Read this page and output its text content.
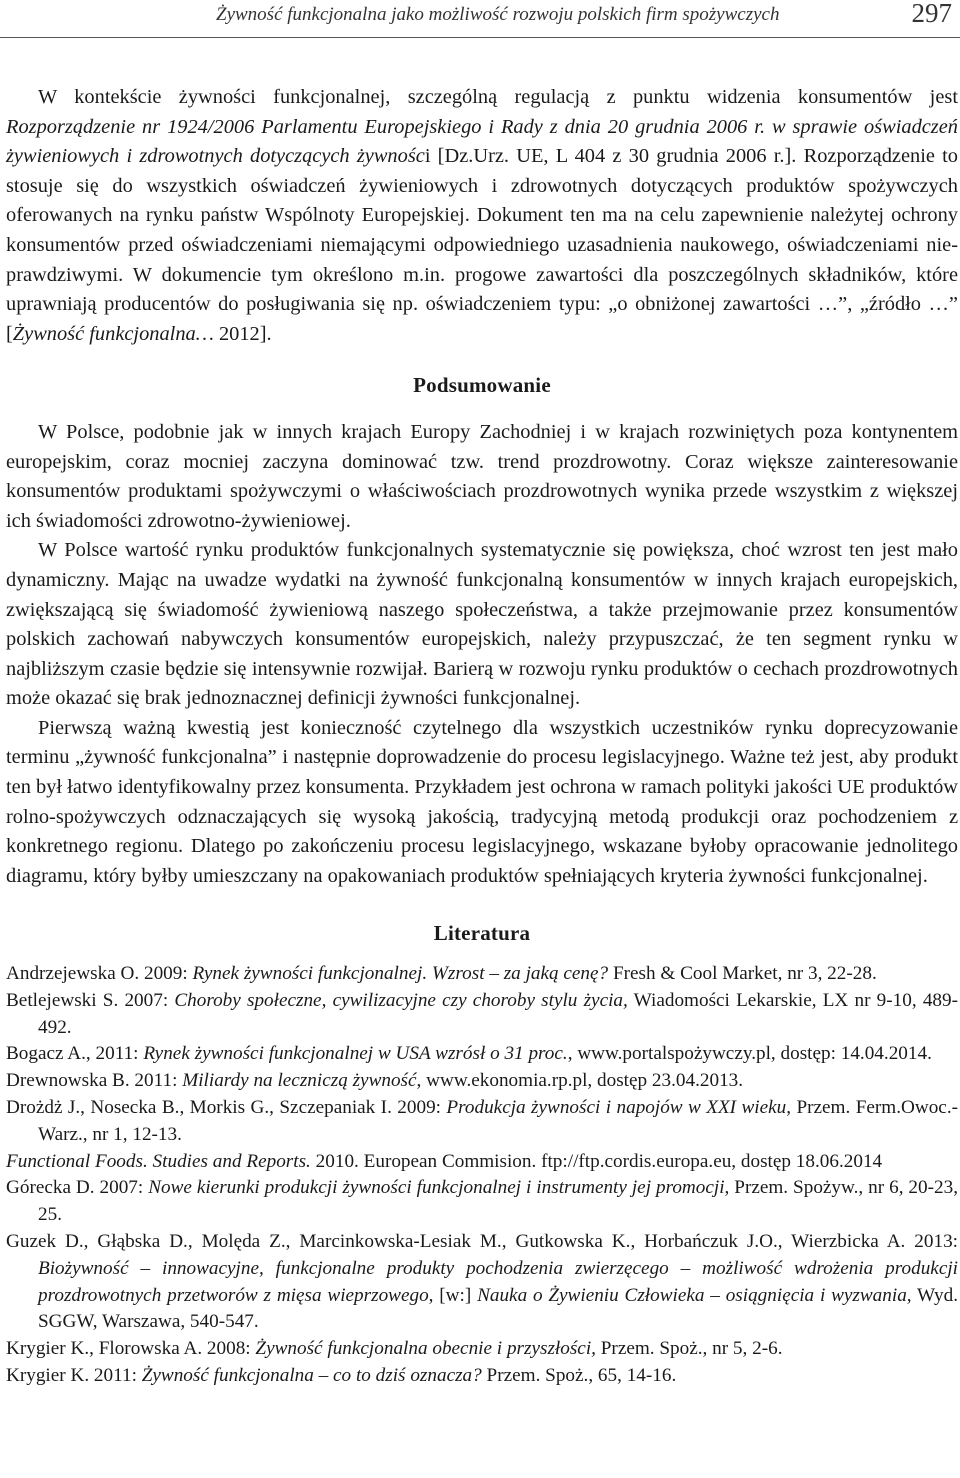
Żywność funkcjonalna jako możliwość rozwoju polskich firm spożywczych	297

W kontekście żywności funkcjonalnej, szczególną regulacją z punktu widzenia konsumentów jest Rozporządzenie nr 1924/2006 Parlamentu Europejskiego i Rady z dnia 20 grudnia 2006 r. w sprawie oświadczeń żywieniowych i zdrowotnych dotyczących żywności [Dz.Urz. UE, L 404 z 30 grudnia 2006 r.]. Rozporządzenie to stosuje się do wszystkich oświadczeń żywieniowych i zdrowotnych dotyczących produktów spożywczych oferowanych na rynku państw Wspólnoty Europejskiej. Dokument ten ma na celu zapewnienie należytej ochrony konsumentów przed oświadczeniami niemającymi odpowiedniego uzasadnienia naukowego, oświadczeniami nieprawdziwymi. W dokumencie tym określono m.in. progowe zawartości dla poszczególnych składników, które uprawniają producentów do posługiwania się np. oświadczeniem typu: „o obniżonej zawartości …”, „źródło …” [Żywność funkcjonalna… 2012].

Podsumowanie

W Polsce, podobnie jak w innych krajach Europy Zachodniej i w krajach rozwiniętych poza kontynentem europejskim, coraz mocniej zaczyna dominować tzw. trend prozdrowotny. Coraz większe zainteresowanie konsumentów produktami spożywczymi o właściwościach prozdrowotnych wynika przede wszystkim z większej ich świadomości zdrowotno-żywieniowej.

W Polsce wartość rynku produktów funkcjonalnych systematycznie się powiększa, choć wzrost ten jest mało dynamiczny. Mając na uwadze wydatki na żywność funkcjonalną konsumentów w innych krajach europejskich, zwiększającą się świadomość żywieniową naszego społeczeństwa, a także przejmowanie przez konsumentów polskich zachowań nabywczych konsumentów europejskich, należy przypuszczać, że ten segment rynku w najbliższym czasie będzie się intensywnie rozwijał. Barierą w rozwoju rynku produktów o cechach prozdrowotnych może okazać się brak jednoznacznej definicji żywności funkcjonalnej.

Pierwszą ważną kwestią jest konieczność czytelnego dla wszystkich uczestników rynku doprecyzowanie terminu „żywność funkcjonalna” i następnie doprowadzenie do procesu legislacyjnego. Ważne też jest, aby produkt ten był łatwo identyfikowalny przez konsumenta. Przykładem jest ochrona w ramach polityki jakości UE produktów rolno-spożywczych odznaczających się wysoką jakością, tradycyjną metodą produkcji oraz pochodzeniem z konkretnego regionu. Dlatego po zakończeniu procesu legislacyjnego, wskazane byłoby opracowanie jednolitego diagramu, który byłby umieszczany na opakowaniach produktów spełniających kryteria żywności funkcjonalnej.

Literatura

Andrzejewska O. 2009: Rynek żywności funkcjonalnej. Wzrost – za jaką cenę? Fresh & Cool Market, nr 3, 22-28.

Betlejewski S. 2007: Choroby społeczne, cywilizacyjne czy choroby stylu życia, Wiadomości Lekarskie, LX nr 9-10, 489-492.

Bogacz A., 2011: Rynek żywności funkcjonalnej w USA wzrósł o 31 proc., www.portalspożywczy.pl, dostęp: 14.04.2014.

Drewnowska B. 2011: Miliardy na leczniczą żywność, www.ekonomia.rp.pl, dostęp 23.04.2013.

Drożdż J., Nosecka B., Morkis G., Szczepaniak I. 2009: Produkcja żywności i napojów w XXI wieku, Przem. Ferm.Owoc.-Warz., nr 1, 12-13.

Functional Foods. Studies and Reports. 2010. European Commision. ftp://ftp.cordis.europa.eu, dostęp 18.06.2014

Górecka D. 2007: Nowe kierunki produkcji żywności funkcjonalnej i instrumenty jej promocji, Przem. Spożyw., nr 6, 20-23, 25.

Guzek D., Głąbska D., Molęda Z., Marcinkowska-Lesiak M., Gutkowska K., Horbańczuk J.O., Wierzbicka A. 2013: Biożywność – innowacyjne, funkcjonalne produkty pochodzenia zwierzęcego – możliwość wdrożenia produkcji prozdrowotnych przetworów z mięsa wieprzowego, [w:] Nauka o Żywieniu Człowieka – osiągnięcia i wyzwania, Wyd. SGGW, Warszawa, 540-547.

Krygier K., Florowska A. 2008: Żywność funkcjonalna obecnie i przyszłości, Przem. Spoż., nr 5, 2-6.

Krygier K. 2011: Żywność funkcjonalna – co to dziś oznacza? Przem. Spoż., 65, 14-16.
